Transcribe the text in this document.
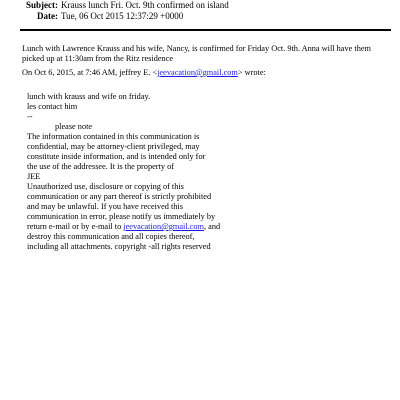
Subject: Krauss lunch Fri. Oct. 9th confirmed on island
Date: Tue, 06 Oct 2015 12:37:29 +0000
Lunch with Lawrence Krauss and his wife, Nancy, is confirmed for Friday Oct. 9th. Anna will have them picked up at 11:30am from the Ritz residence
On Oct 6, 2015, at 7:46 AM, jeffrey E. <jeevacation@gmail.com> wrote:
lunch with krauss and wife on friday.
les contact him
--
please note
The information contained in this communication is
confidential, may be attorney-client privileged, may
constitute inside information, and is intended only for
the use of the addressee. It is the property of
JEE
Unauthorized use, disclosure or copying of this
communication or any part thereof is strictly prohibited
and may be unlawful. If you have received this
communication in error, please notify us immediately by
return e-mail or by e-mail to jeevacation@gmail.com, and
destroy this communication and all copies thereof,
including all attachments. copyright -all rights reserved
